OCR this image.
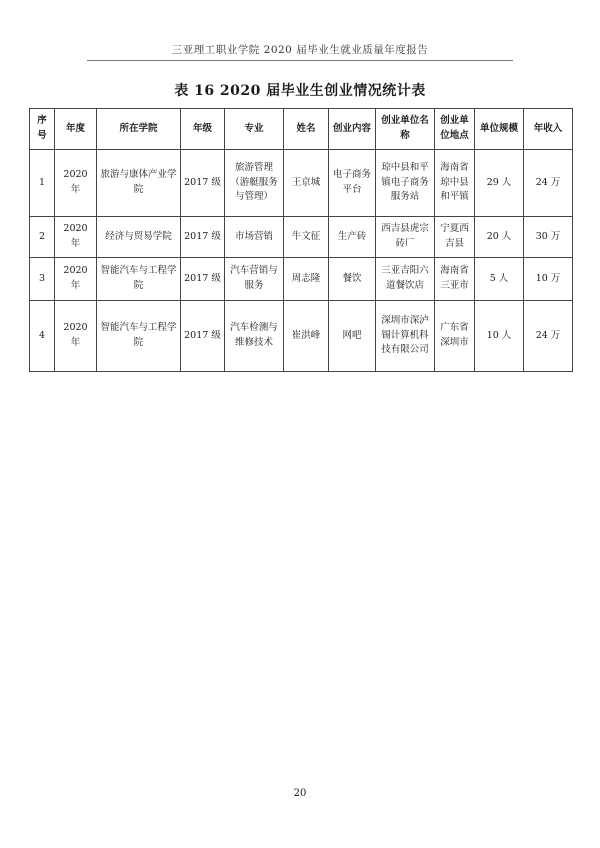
三亚理工职业学院 2020 届毕业生就业质量年度报告
表 16 2020 届毕业生创业情况统计表
序号	年度	所在学院	年级	专业	姓名	创业内容	创业单位名称	创业单位地点	单位规模	年收入
1	2020 年	旅游与康体产业学院	2017 级	旅游管理（游艇服务与管理）	王京城	电子商务平台	琼中县和平镇电子商务服务站	海南省琼中县和平镇	29 人	24 万
2	2020 年	经济与贸易学院	2017 级	市场营销	牛文征	生产砖	西吉县虎宗砖厂	宁夏西吉县	20 人	30 万
3	2020 年	智能汽车与工程学院	2017 级	汽车营销与服务	周志隆	餐饮	三亚吉阳六道餐饮店	海南省三亚市	5 人	10 万
4	2020 年	智能汽车与工程学院	2017 级	汽车检测与维修技术	崔洪峰	网吧	深圳市深泸锡计算机科技有限公司	广东省深圳市	10 人	24 万
20
